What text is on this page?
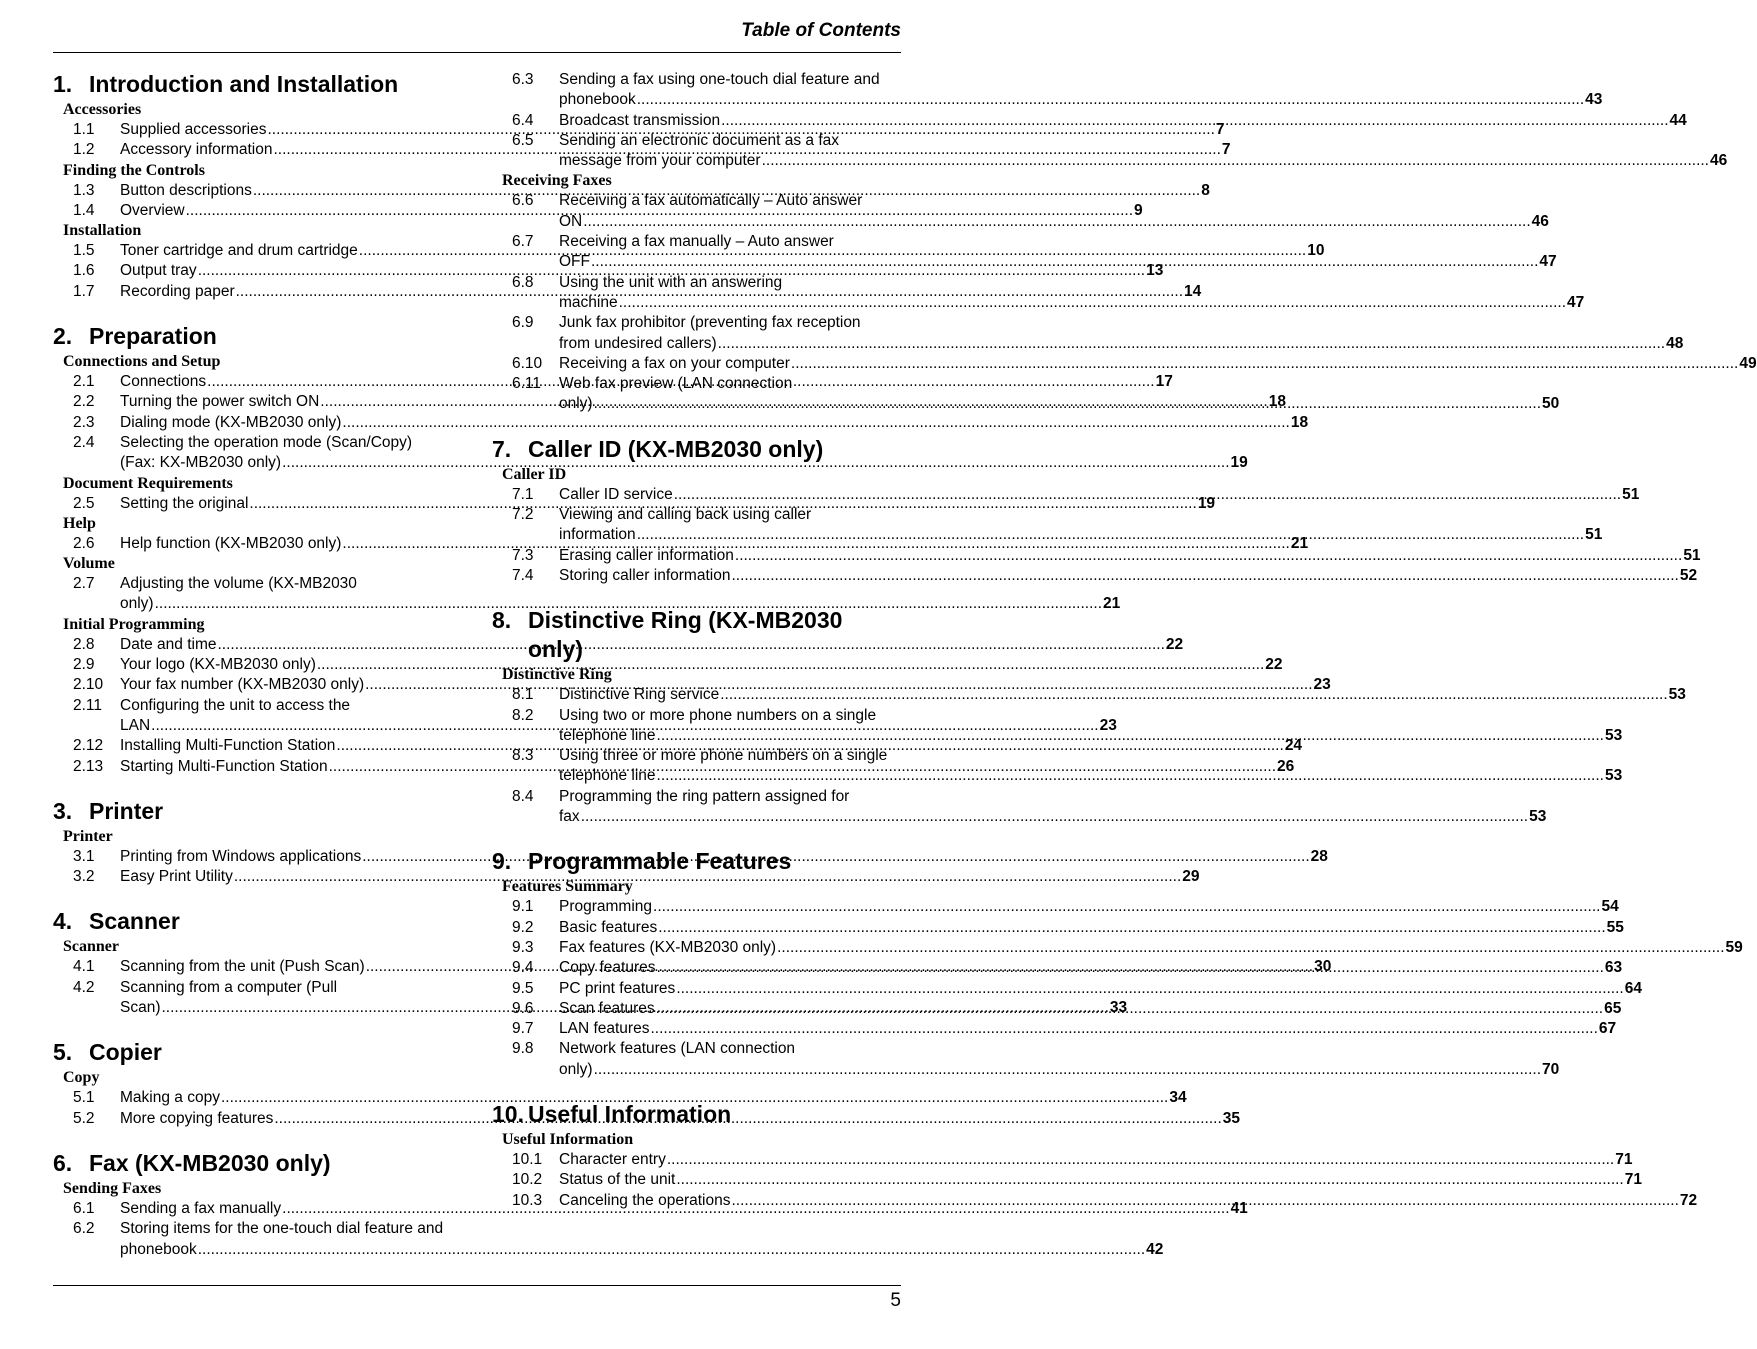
Table of Contents
1. Introduction and Installation
Accessories
1.1	Supplied accessories .....	7
1.2	Accessory information .....	7
Finding the Controls
1.3	Button descriptions .....	8
1.4	Overview .....	9
Installation
1.5	Toner cartridge and drum cartridge .....	10
1.6	Output tray .....	13
1.7	Recording paper .....	14
2. Preparation
Connections and Setup
2.1	Connections .....	17
2.2	Turning the power switch ON .....	18
2.3	Dialing mode (KX-MB2030 only) .....	18
2.4	Selecting the operation mode (Scan/Copy)
(Fax: KX-MB2030 only) .....	19
Document Requirements
2.5	Setting the original .....	19
Help
2.6	Help function (KX-MB2030 only) .....	21
Volume
2.7	Adjusting the volume (KX-MB2030
only) .....	21
Initial Programming
2.8	Date and time .....	22
2.9	Your logo (KX-MB2030 only) .....	22
2.10	Your fax number (KX-MB2030 only) .....	23
2.11	Configuring the unit to access the
LAN .....	23
2.12	Installing Multi-Function Station .....	24
2.13	Starting Multi-Function Station .....	26
3. Printer
Printer
3.1	Printing from Windows applications .....	28
3.2	Easy Print Utility .....	29
4. Scanner
Scanner
4.1	Scanning from the unit (Push Scan) .....	30
4.2	Scanning from a computer (Pull
Scan) .....	33
5. Copier
Copy
5.1	Making a copy .....	34
5.2	More copying features .....	35
6. Fax (KX-MB2030 only)
Sending Faxes
6.1	Sending a fax manually .....	41
6.2	Storing items for the one-touch dial feature and
phonebook .....	42
6.3	Sending a fax using one-touch dial feature and
phonebook .....	43
6.4	Broadcast transmission .....	44
6.5	Sending an electronic document as a fax
message from your computer .....	46
Receiving Faxes
6.6	Receiving a fax automatically – Auto answer
ON .....	46
6.7	Receiving a fax manually – Auto answer
OFF .....	47
6.8	Using the unit with an answering
machine .....	47
6.9	Junk fax prohibitor (preventing fax reception
from undesired callers) .....	48
6.10	Receiving a fax on your computer .....	49
6.11	Web fax preview (LAN connection
only) .....	50
7. Caller ID (KX-MB2030 only)
Caller ID
7.1	Caller ID service .....	51
7.2	Viewing and calling back using caller
information .....	51
7.3	Erasing caller information .....	51
7.4	Storing caller information .....	52
8. Distinctive Ring (KX-MB2030 only)
Distinctive Ring
8.1	Distinctive Ring service .....	53
8.2	Using two or more phone numbers on a single
telephone line .....	53
8.3	Using three or more phone numbers on a single
telephone line .....	53
8.4	Programming the ring pattern assigned for
fax .....	53
9. Programmable Features
Features Summary
9.1	Programming .....	54
9.2	Basic features .....	55
9.3	Fax features (KX-MB2030 only) .....	59
9.4	Copy features .....	63
9.5	PC print features .....	64
9.6	Scan features .....	65
9.7	LAN features .....	67
9.8	Network features (LAN connection
only) .....	70
10. Useful Information
Useful Information
10.1	Character entry .....	71
10.2	Status of the unit .....	71
10.3	Canceling the operations .....	72
5
